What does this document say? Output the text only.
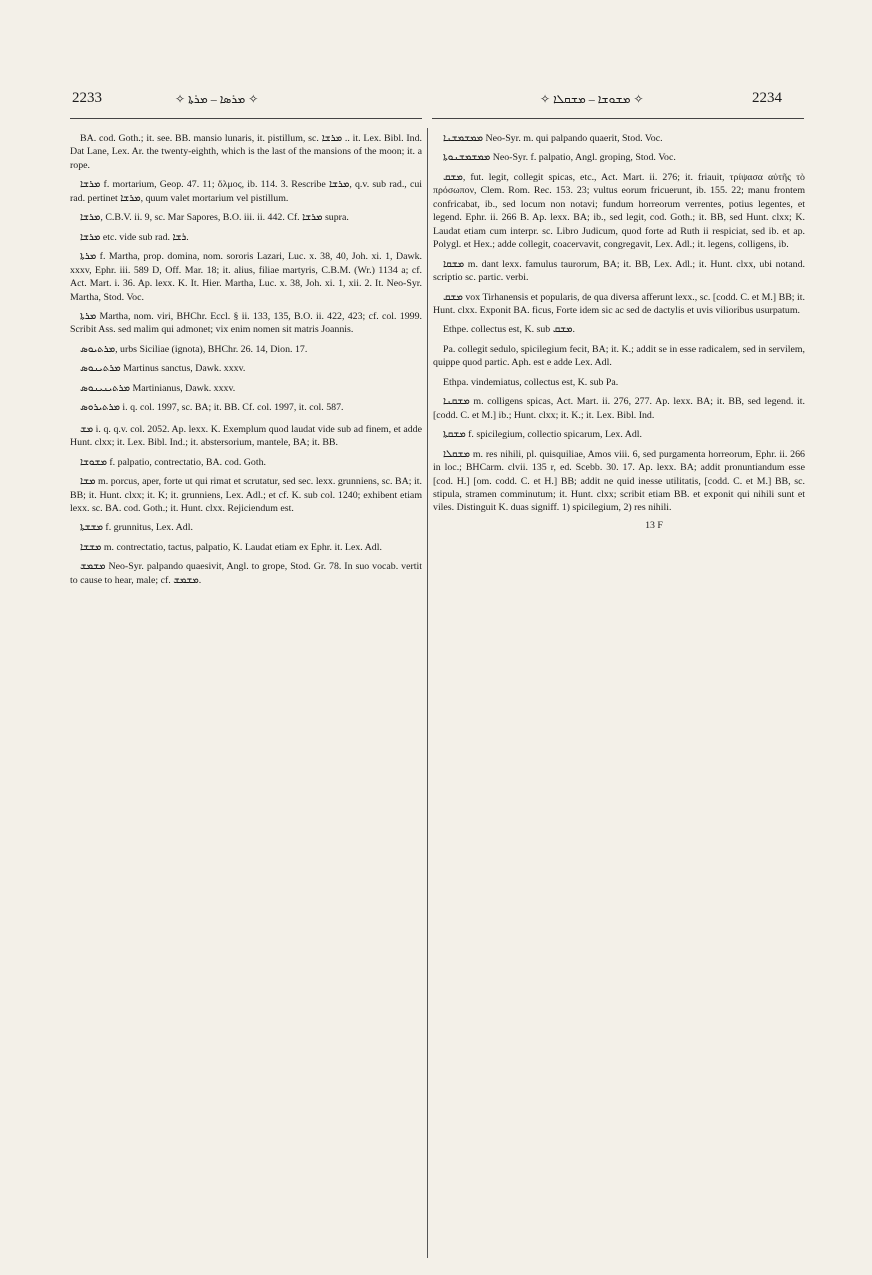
2233	✧ ܡܪܣܐ – ܡܪܬܐ ✧	✧ ܡܫܘܫܐ – ܡܫܩܠܐ ✧	2234

BA. cod. Goth.; it. see. BB. mansio lunaris, it. pistillum, sc. ܡܪܫܐ .. it. Lex. Bibl. Ind. Dat Lane, Lex. Ar. the twenty-eighth, which is the last of the mansions of the moon; it. a rope.

ܡܪܫܐ f. mortarium, Geop. 47. 11; ὅλμος, ib. 114. 3. Rescribe ܡܪܫܐ, q.v. sub rad., cui rad. pertinet ܡܪܫܐ, quum valet mortarium vel pistillum.

ܡܪܫܐ, C.B.V. ii. 9, sc. Mar Sapores, B.O. iii. ii. 442. Cf. ܡܪܫܐ supra.

ܡܪܫܐ etc. vide sub rad. ܪܫܐ.

ܡܪܬܐ f. Martha, prop. domina, nom. sororis Lazari, Luc. x. 38, 40, Joh. xi. 1, Dawk. xxxv, Ephr. iii. 589 D, Off. Mar. 18; it. alius, filiae martyris, C.B.M. (Wr.) 1134 a; cf. Act. Mart. i. 36. Ap. lexx. K. It. Hier. Martha, Luc. x. 38, Joh. xi. 1, xii. 2. It. Neo-Syr. Martha, Stod. Voc.

ܡܪܬܐ Martha, nom. viri, BHChr. Eccl. § ii. 133, 135, B.O. ii. 422, 423; cf. col. 1999. Scribit Ass. sed malim qui admonet; vix enim nomen sit matris Joannis.

ܡܪܬܝܘܣ, urbs Siciliae (ignota), BHChr. 26. 14, Dion. 17.

ܡܪܬܝܢܘܣ Martinus sanctus, Dawk. xxxv.

ܡܪܬܝܢܝܢܘܣ Martinianus, Dawk. xxxv.

ܡܪܬܝܪܘܣ i. q. col. 1997, sc. BA; it. BB. Cf. col. 1997, it. col. 587.

ܡܫ i. q. q.v. col. 2052. Ap. lexx. K. Exemplum quod laudat vide sub ad finem, et adde Hunt. clxx; it. Lex. Bibl. Ind.; it. abstersorium, mantele, BA; it. BB.

ܡܫܘܫܐ f. palpatio, contrectatio, BA. cod. Goth.

ܡܫܐ m. porcus, aper, forte ut qui rimat et scrutatur, sed sec. lexx. grunniens, sc. BA; it. BB; it. Hunt. clxx; it. K; it. grunniens, Lex. Adl.; et cf. K. sub col. 1240; exhibent etiam lexx. sc. BA. cod. Goth.; it. Hunt. clxx. Rejiciendum est.

ܡܫܫܬܐ f. grunnitus, Lex. Adl.

ܡܫܫܐ m. contrectatio, tactus, palpatio, K. Laudat etiam ex Ephr. it. Lex. Adl.

ܡܫܡܫ Neo-Syr. palpando quaesivit, Angl. to grope, Stod. Gr. 78. In suo vocab. vertit to cause to hear, male; cf. ܡܫܡܫ.

ܡܡܫܡܫܢܐ Neo-Syr. m. qui palpando quaerit, Stod. Voc.

ܡܡܫܡܫܢܘܬܐ Neo-Syr. f. palpatio, Angl. groping, Stod. Voc.

ܡܫܩ, fut. legit, collegit spicas, etc., Act. Mart. ii. 276; it. friauit, τρίψασα αὐτῆς τὸ πρόσωπον, Clem. Rom. Rec. 153. 23; vultus eorum fricuerunt, ib. 155. 22; manu frontem confricabat, ib., sed locum non notavi; fundum horreorum verrentes, potius legentes, et legend. Ephr. ii. 266 B. Ap. lexx. BA; ib., sed legit, cod. Goth.; it. BB, sed Hunt. clxx; K. Laudat etiam cum interpr. sc. Libro Judicum, quod forte ad Ruth ii respiciat, sed ib. et ap. Polygl. et Hex.; adde collegit, coacervavit, congregavit, Lex. Adl.; it. legens, colligens, ib.

ܡܫܩܐ m. dant lexx. famulus taurorum, BA; it. BB, Lex. Adl.; it. Hunt. clxx, ubi notand. scriptio sc. partic. verbi.

ܡܫܩ vox Tirhanensis et popularis, de qua diversa afferunt lexx., sc. [codd. C. et M.] BB; it. Hunt. clxx. Exponit BA. ficus, Forte idem sic ac sed de dactylis et uvis vilioribus usurpatum.

Ethpe. collectus est, K. sub ܡܫܩ.

Pa. collegit sedulo, spicilegium fecit, BA; it. K.; addit se in esse radicalem, sed in servilem, quippe quod partic. Aph. est e adde Lex. Adl.

Ethpa. vindemiatus, collectus est, K. sub Pa.

ܡܫܩܢܐ m. colligens spicas, Act. Mart. ii. 276, 277. Ap. lexx. BA; it. BB, sed legend. it. [codd. C. et M.] ib.; Hunt. clxx; it. K.; it. Lex. Bibl. Ind.

ܡܫܩܬܐ f. spicilegium, collectio spicarum, Lex. Adl.

ܡܫܩܠܐ m. res nihili, pl. quisquiliae, Amos viii. 6, sed purgamenta horreorum, Ephr. ii. 266 in loc.; BHCarm. clvii. 135 r, ed. Scebb. 30. 17. Ap. lexx. BA; addit pronuntiandum esse [cod. H.] [om. codd. C. et H.] BB; addit ne quid inesse utilitatis, [codd. C. et M.] BB, sc. stipula, stramen comminutum; it. Hunt. clxx; scribit etiam BB. et exponit qui nihili sunt et viles. Distinguit K. duas signiff. 1) spicilegium, 2) res nihili.

13 F
